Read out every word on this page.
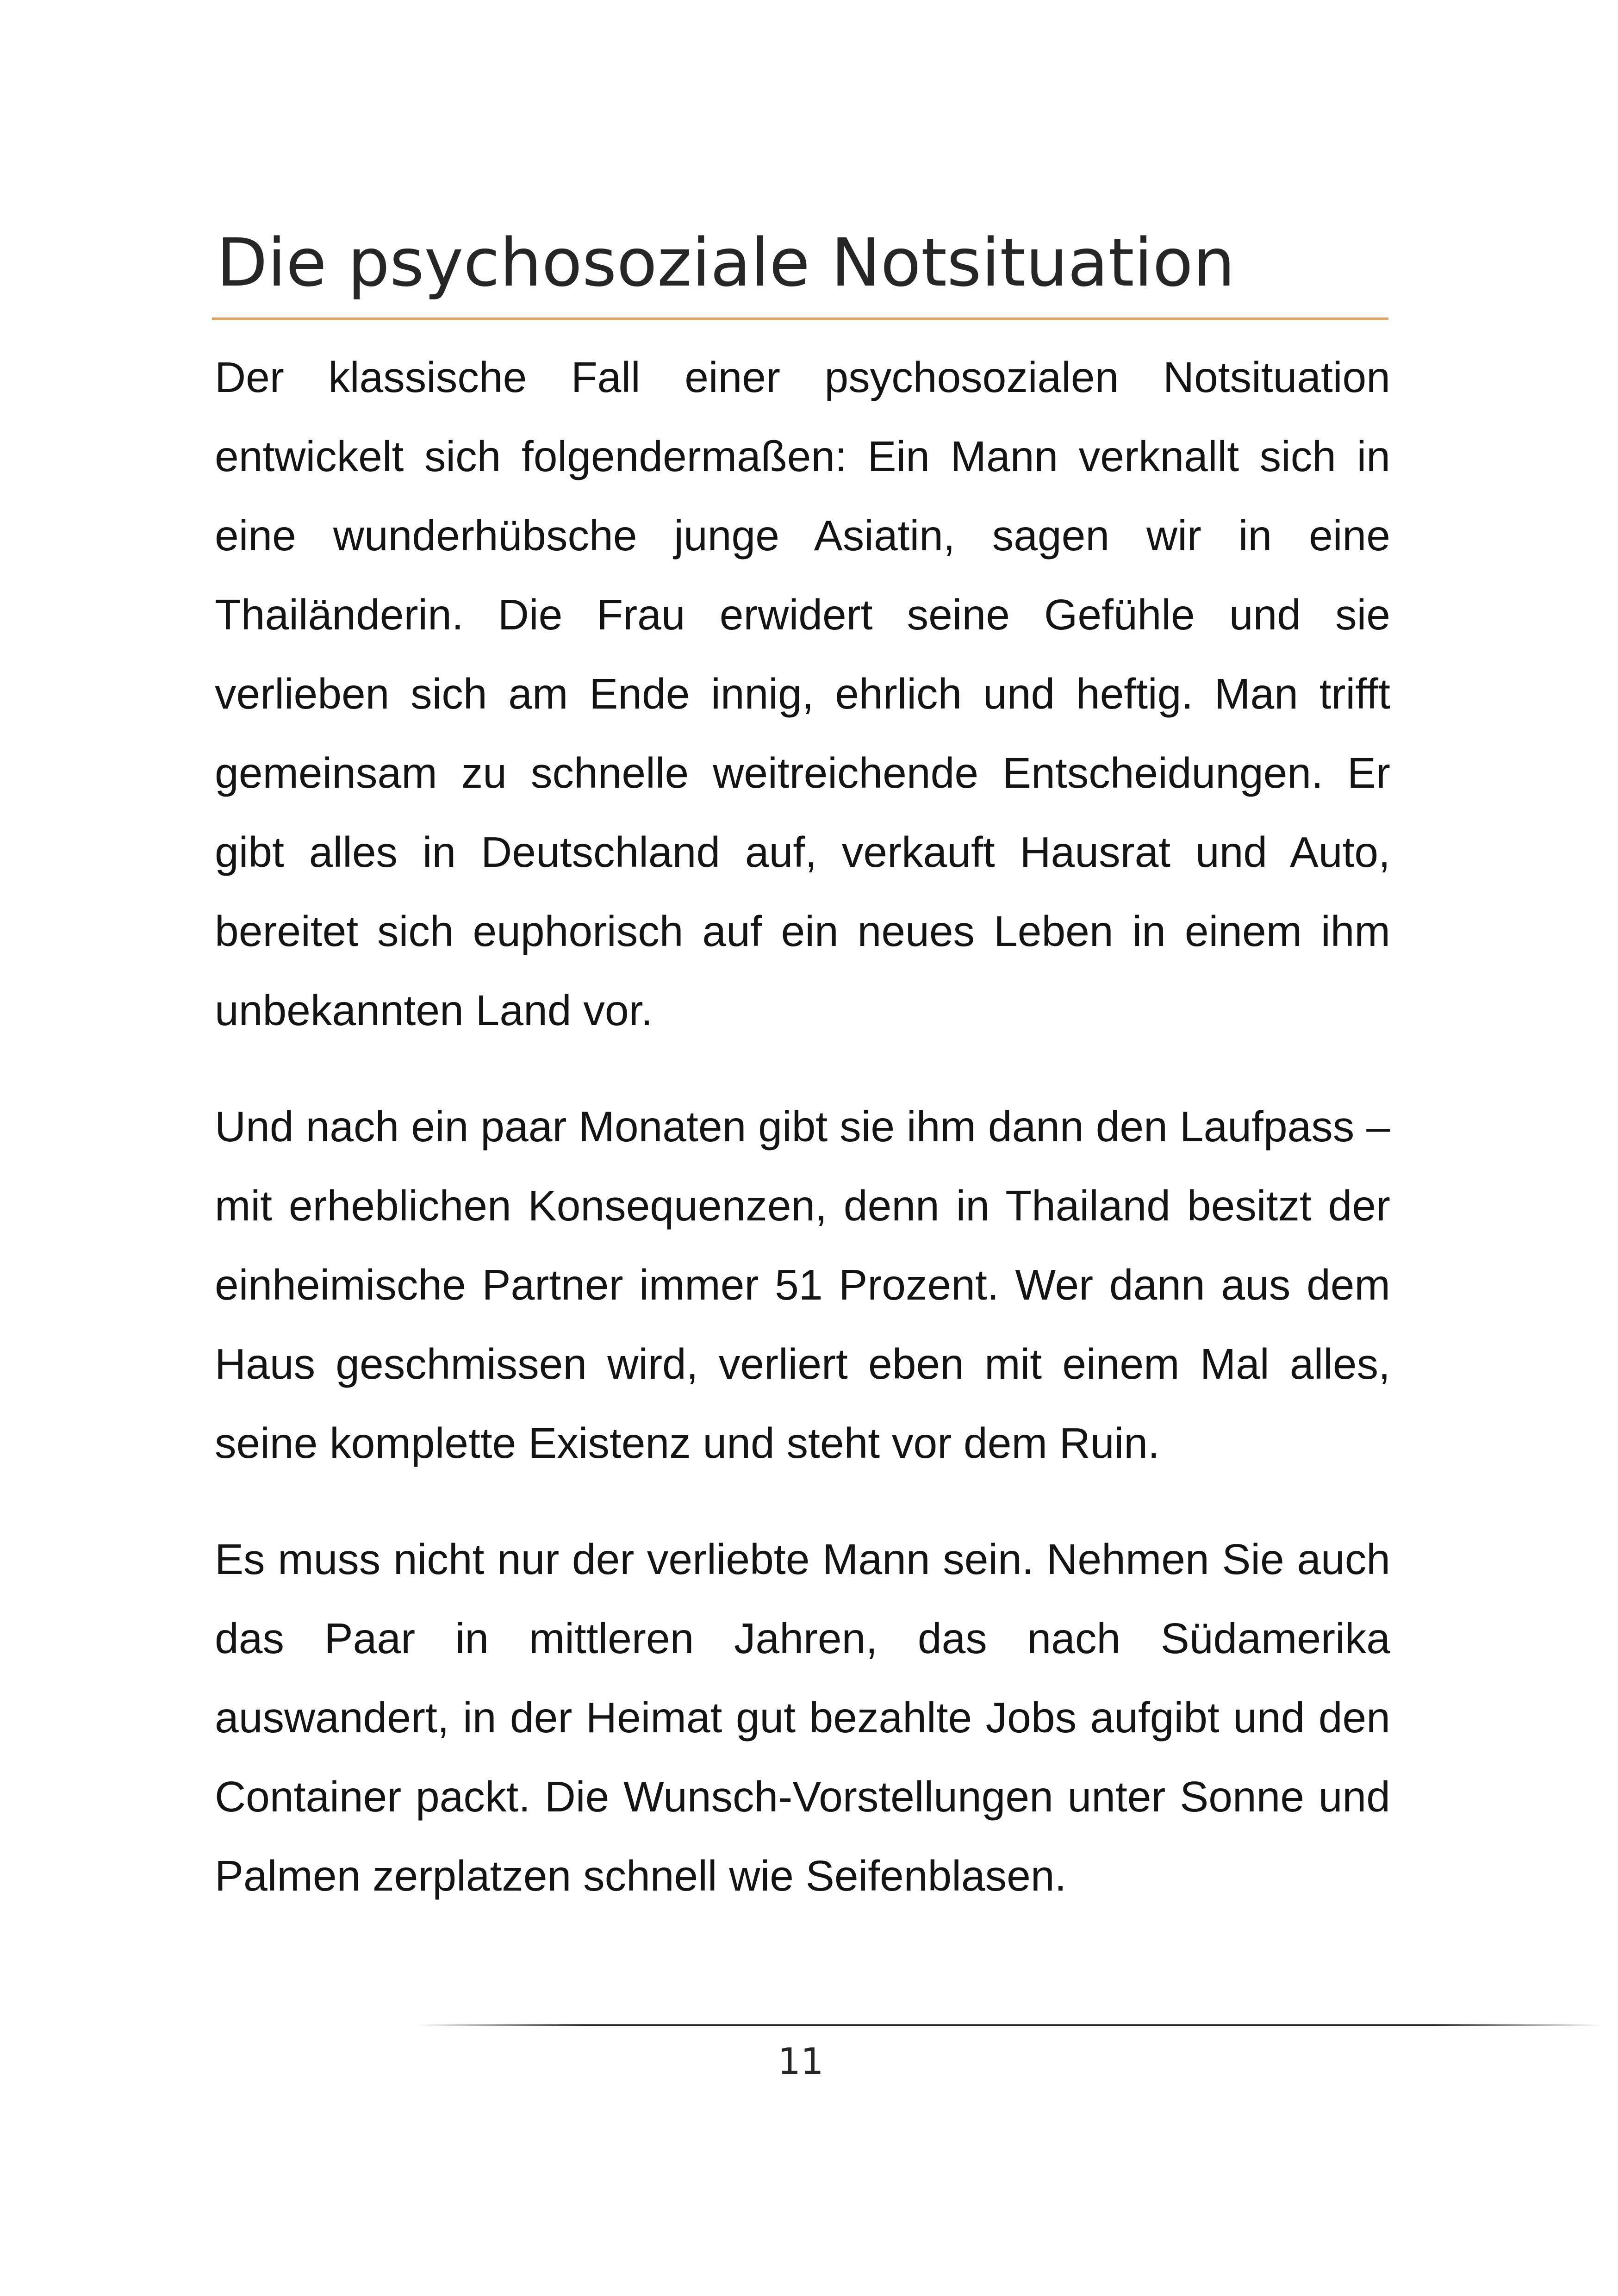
Die psychosoziale Notsituation

Der klassische Fall einer psychosozialen Notsituation entwickelt sich folgendermaßen: Ein Mann verknallt sich in eine wunderhübsche junge Asiatin, sagen wir in eine Thailänderin. Die Frau erwidert seine Gefühle und sie verlieben sich am Ende innig, ehrlich und heftig. Man trifft gemeinsam zu schnelle weitreichende Entscheidungen. Er gibt alles in Deutschland auf, verkauft Hausrat und Auto, bereitet sich euphorisch auf ein neues Leben in einem ihm unbekannten Land vor.

Und nach ein paar Monaten gibt sie ihm dann den Laufpass – mit erheblichen Konsequenzen, denn in Thailand besitzt der einheimische Partner immer 51 Prozent. Wer dann aus dem Haus geschmissen wird, verliert eben mit einem Mal alles, seine komplette Existenz und steht vor dem Ruin.

Es muss nicht nur der verliebte Mann sein. Nehmen Sie auch das Paar in mittleren Jahren, das nach Südamerika auswandert, in der Heimat gut bezahlte Jobs aufgibt und den Container packt. Die Wunsch-Vorstellungen unter Sonne und Palmen zerplatzen schnell wie Seifenblasen.

11
